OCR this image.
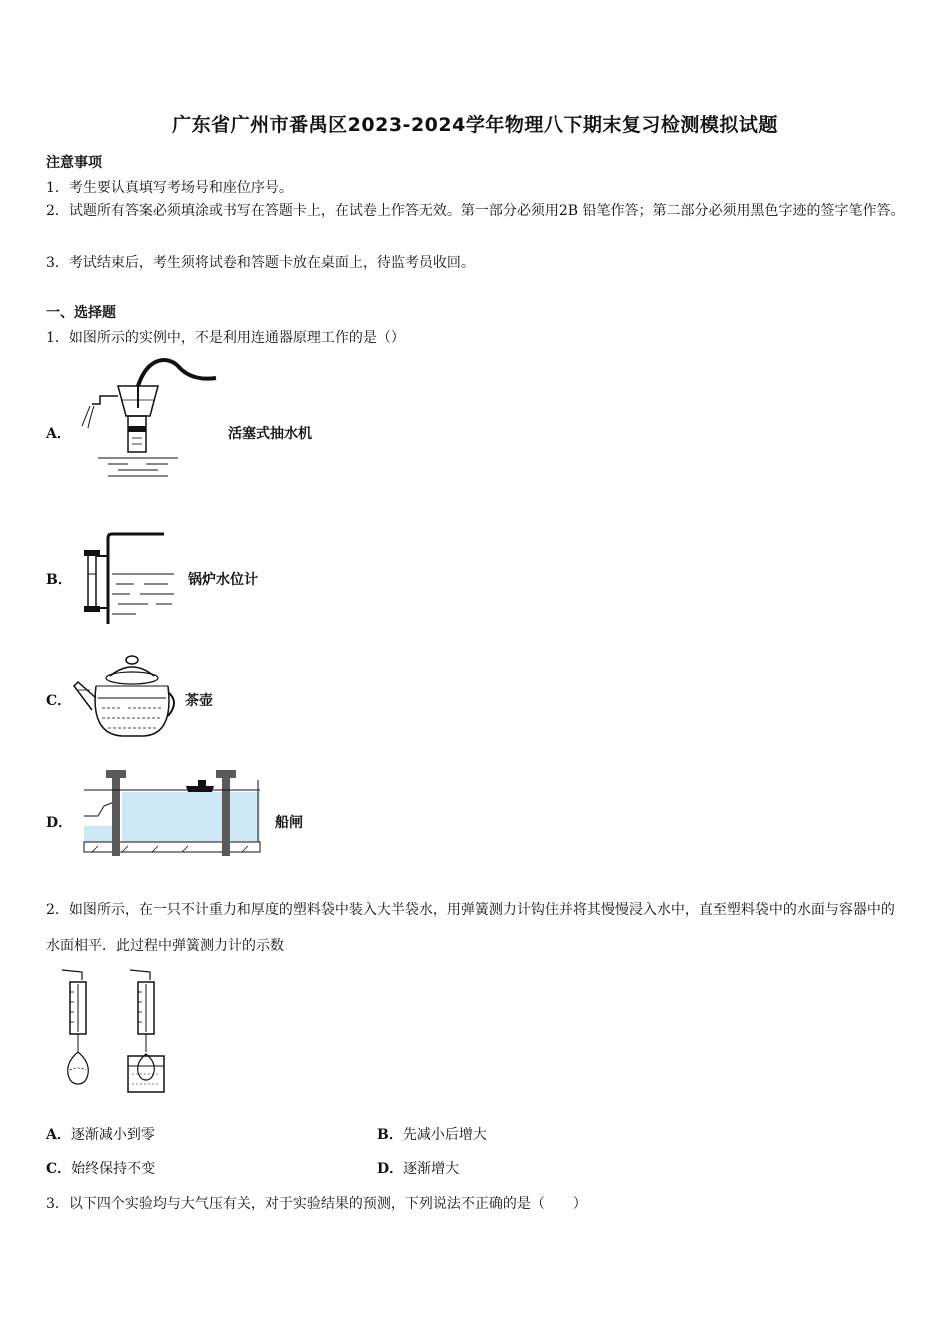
广东省广州市番禺区2023-2024学年物理八下期末复习检测模拟试题
注意事项
1．考生要认真填写考场号和座位序号。
2．试题所有答案必须填涂或书写在答题卡上，在试卷上作答无效。第一部分必须用2B 铅笔作答；第二部分必须用黑色字迹的签字笔作答。
3．考试结束后，考生须将试卷和答题卡放在桌面上，待监考员收回。
一、选择题
1．如图所示的实例中，不是利用连通器原理工作的是（）
A．	活塞式抽水机
B．	锅炉水位计
C．	茶壶
D．	船闸
2．如图所示，在一只不计重力和厚度的塑料袋中装入大半袋水，用弹簧测力计钩住并将其慢慢浸入水中，直至塑料袋中的水面与容器中的水面相平．此过程中弹簧测力计的示数
A．逐渐减小到零	B．先减小后增大
C．始终保持不变	D．逐渐增大
3．以下四个实验均与大气压有关，对于实验结果的预测，下列说法不正确的是（　　）
